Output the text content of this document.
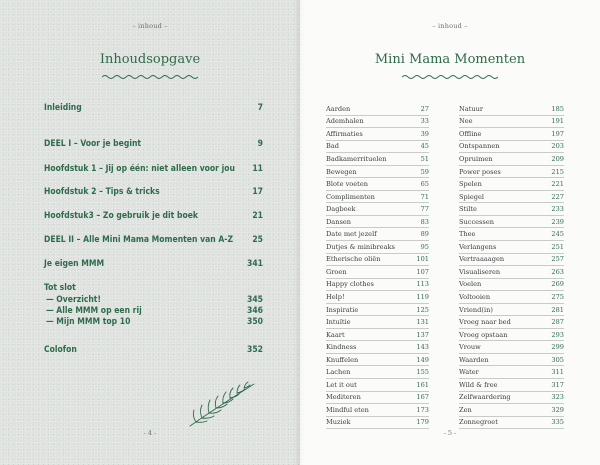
– inhoud –
Inhoudsopgave
Inleiding	7
DEEL I – Voor je begint	9
Hoofdstuk 1 – Jij op één: niet alleen voor jou 11
Hoofdstuk 2 – Tips & tricks	17
Hoofdstuk3 – Zo gebruik je dit boek	21
DEEL II – Alle Mini Mama Momenten van A-Z 25
Je eigen MMM	341
Tot slot
— Overzicht!	345
— Alle MMM op een rij	346
— Mijn MMM top 10	350
Colofon	352
- 4 -
– inhoud –
Mini Mama Momenten
- 5 -
Aarden	27
Ademhalen	33
Affirmaties	39
Bad	45
Badkamerrituelen	51
Bewegen	59
Blote voeten	65
Complimenten	71
Dagboek	77
Dansen	83
Date met jezelf	89
Dutjes & minibreaks	95
Etherische oliën	101
Groen	107
Happy clothes	113
Help!	119
Inspiratie	125
Intuïtie	131
Kaart	137
Kindness	143
Knuffelen	149
Lachen	155
Let it out	161
Mediteren	167
Mindful eten	173
Muziek	179
Natuur	185
Nee	191
Offline	197
Ontspannen	203
Opruimen	209
Power poses	215
Spelen	221
Spiegel	227
Stilte	233
Successen	239
Thee	245
Verlangens	251
Vertraaaagen	257
Visualiseren	263
Voelen	269
Voltooien	275
Vriend(in)	281
Vroeg naar bed	287
Vroeg opstaan	293
Vrouw	299
Waarden	305
Water	311
Wild & free	317
Zelfwaardering	323
Zen	329
Zonnegroet	335
